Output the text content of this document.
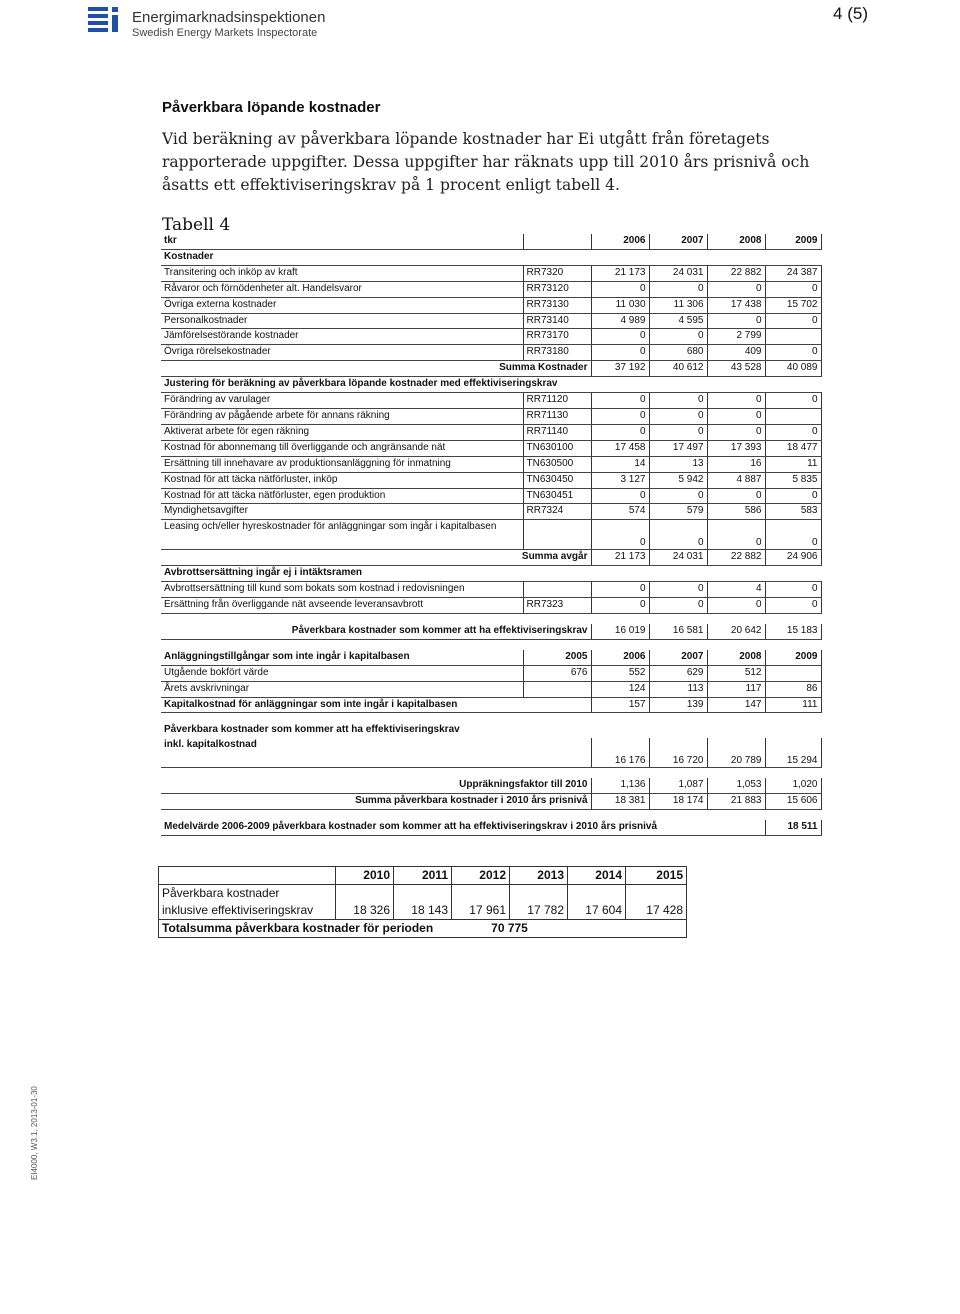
Energimarknadsinspektionen
Swedish Energy Markets Inspectorate
4 (5)
Påverkbara löpande kostnader
Vid beräkning av påverkbara löpande kostnader har Ei utgått från företagets rapporterade uppgifter. Dessa uppgifter har räknats upp till 2010 års prisnivå och åsatts ett effektiviseringskrav på 1 procent enligt tabell 4.
Tabell 4
tkr		2006	2007	2008	2009
Kostnader					
Transitering och inköp av kraft	RR7320	21 173	24 031	22 882	24 387
Råvaror och förnödenheter alt. Handelsvaror	RR73120	0	0	0	0
Övriga externa kostnader	RR73130	11 030	11 306	17 438	15 702
Personalkostnader	RR73140	4 989	4 595	0	0
Jämförelsestörande kostnader	RR73170	0	0	2 799	
Övriga rörelsekostnader	RR73180	0	680	409	0
Summa Kostnader		37 192	40 612	43 528	40 089
Justering för beräkning av påverkbara löpande kostnader med effektiviseringskrav					
Förändring av varulager	RR71120	0	0	0	0
Förändring av pågående arbete för annans räkning	RR71130	0	0	0	
Aktiverat arbete för egen räkning	RR71140	0	0	0	0
Kostnad för abonnemang till överliggande och angränsande nät	TN630100	17 458	17 497	17 393	18 477
Ersättning till innehavare av produktionsanläggning för inmatning	TN630500	14	13	16	11
Kostnad för att täcka nätförluster, inköp	TN630450	3 127	5 942	4 887	5 835
Kostnad för att täcka nätförluster, egen produktion	TN630451	0	0	0	0
Myndighetsavgifter	RR7324	574	579	586	583
Leasing och/eller hyreskostnader för anläggningar som ingår i kapitalbasen		0	0	0	0
Summa avgår		21 173	24 031	22 882	24 906
Avbrottsersättning ingår ej i intäktsramen					
Avbrottsersättning till kund som bokats som kostnad i redovisningen		0	0	4	0
Ersättning från överliggande nät avseende leveransavbrott	RR7323	0	0	0	0

Påverkbara kostnader som kommer att ha effektiviseringskrav		16 019	16 581	20 642	15 183

Anläggningstillgångar som inte ingår i kapitalbasen	2005	2006	2007	2008	2009
Utgående bokfört värde	676	552	629	512	
Årets avskrivningar		124	113	117	86
Kapitalkostnad för anläggningar som inte ingår i kapitalbasen		157	139	147	111

Påverkbara kostnader som kommer att ha effektiviseringskrav					
inkl. kapitalkostnad		16 176	16 720	20 789	15 294

Uppräkningsfaktor till 2010		1,136	1,087	1,053	1,020
Summa påverkbara kostnader i 2010 års prisnivå		18 381	18 174	21 883	15 606

Medelvärde 2006-2009 påverkbara kostnader som kommer att ha effektiviseringskrav i 2010 års prisnivå					18 511
	2010	2011	2012	2013	2014	2015
Påverkbara kostnader						
inklusive effektiviseringskrav	18 326	18 143	17 961	17 782	17 604	17 428
Totalsumma påverkbara kostnader för perioden			70 775			
EI4000, W3.1, 2013-01-30
